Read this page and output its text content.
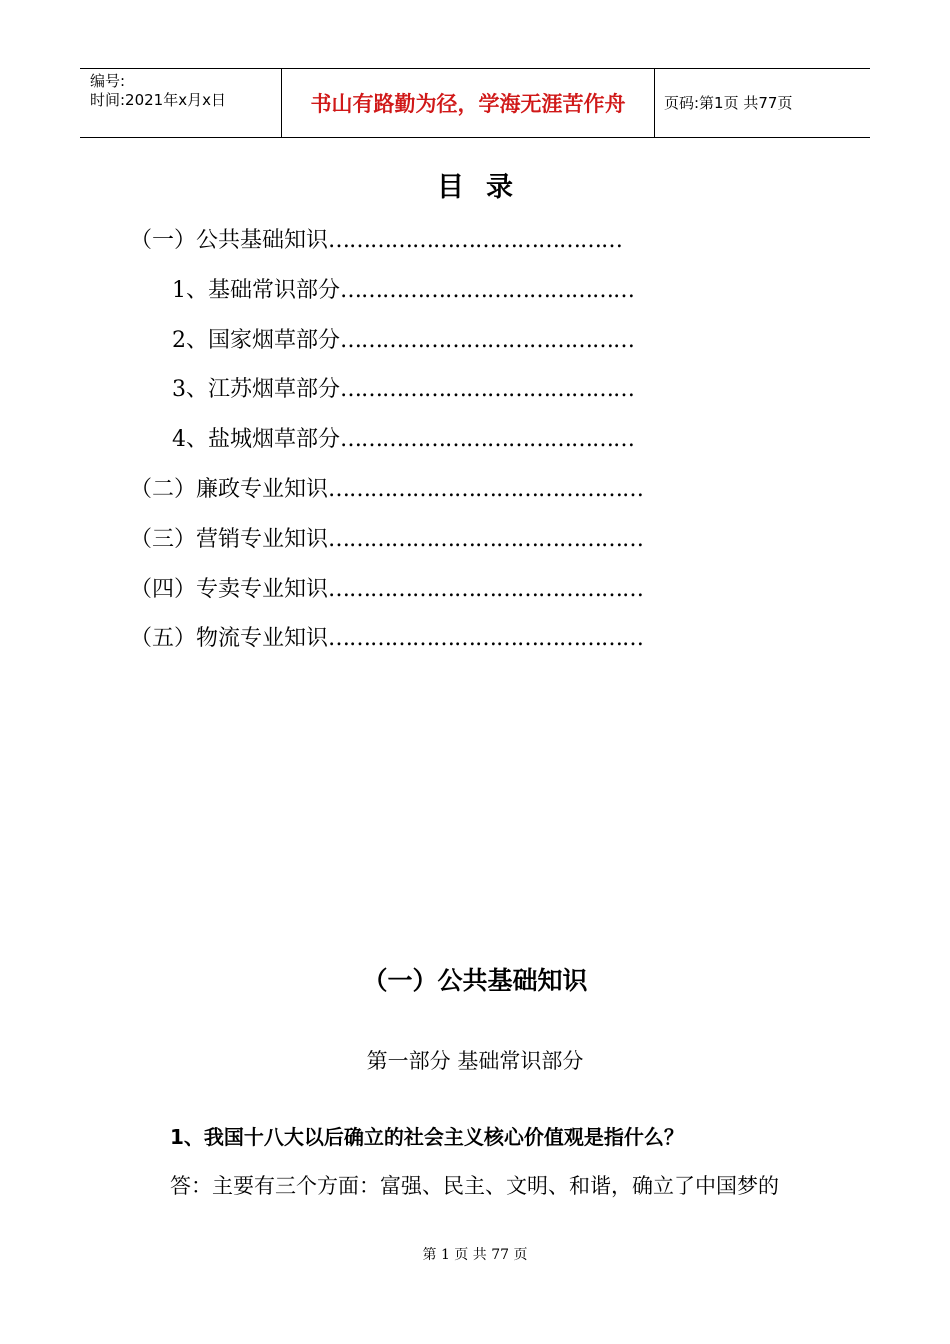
编号:
时间:2021年x月x日	书山有路勤为径，学海无涯苦作舟	页码:第1页 共77页
目录
（一）公共基础知识……………………………………
1、基础常识部分……………………………………
2、国家烟草部分……………………………………
3、江苏烟草部分……………………………………
4、盐城烟草部分……………………………………
（二）廉政专业知识………………………………………
（三）营销专业知识………………………………………
（四）专卖专业知识………………………………………
（五）物流专业知识………………………………………
（一）公共基础知识
第一部分 基础常识部分
1、我国十八大以后确立的社会主义核心价值观是指什么？
答：主要有三个方面：富强、民主、文明、和谐，确立了中国梦的
第 1 页 共 77 页
